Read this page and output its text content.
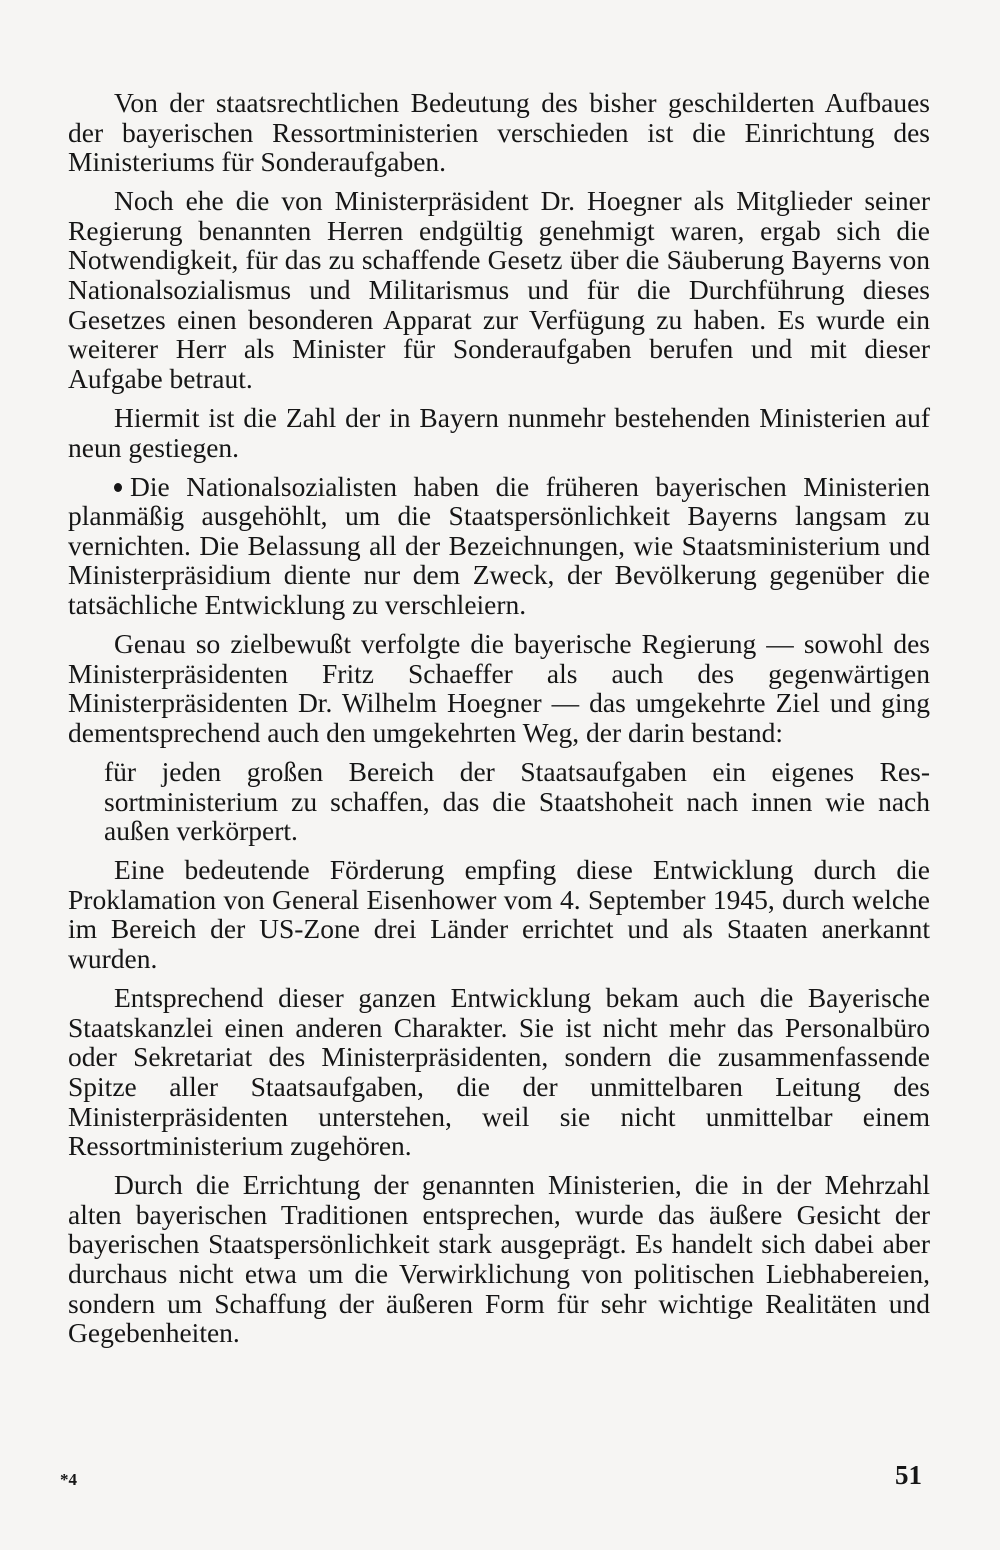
Von der staatsrechtlichen Bedeutung des bisher geschilderten Aufbaues der bayerischen Ressortministerien verschieden ist die Einrichtung des Ministeriums für Sonderaufgaben.

Noch ehe die von Ministerpräsident Dr. Hoegner als Mitglieder seiner Regierung benannten Herren endgültig genehmigt waren, ergab sich die Notwendigkeit, für das zu schaffende Gesetz über die Säuberung Bayerns von Nationalsozialismus und Militarismus und für die Durchführung dieses Gesetzes einen besonderen Apparat zur Verfügung zu haben. Es wurde ein weiterer Herr als Minister für Sonderaufgaben berufen und mit dieser Aufgabe betraut.

Hiermit ist die Zahl der in Bayern nunmehr bestehenden Ministerien auf neun gestiegen.

Die Nationalsozialisten haben die früheren bayerischen Ministerien planmäßig ausgehöhlt, um die Staatspersönlichkeit Bayerns langsam zu vernichten. Die Belassung all der Bezeichnungen, wie Staatsministerium und Ministerpräsidium diente nur dem Zweck, der Bevölkerung gegenüber die tatsächliche Entwicklung zu verschleiern.

Genau so zielbewußt verfolgte die bayerische Regierung — sowohl des Ministerpräsidenten Fritz Schaeffer als auch des gegenwärtigen Ministerpräsidenten Dr. Wilhelm Hoegner — das umgekehrte Ziel und ging dementsprechend auch den umgekehrten Weg, der darin bestand:

für jeden großen Bereich der Staatsaufgaben ein eigenes Ressortministerium zu schaffen, das die Staatshoheit nach innen wie nach außen verkörpert.

Eine bedeutende Förderung empfing diese Entwicklung durch die Proklamation von General Eisenhower vom 4. September 1945, durch welche im Bereich der US-Zone drei Länder errichtet und als Staaten anerkannt wurden.

Entsprechend dieser ganzen Entwicklung bekam auch die Bayerische Staatskanzlei einen anderen Charakter. Sie ist nicht mehr das Personalbüro oder Sekretariat des Ministerpräsidenten, sondern die zusammenfassende Spitze aller Staatsaufgaben, die der unmittelbaren Leitung des Ministerpräsidenten unterstehen, weil sie nicht unmittelbar einem Ressortministerium zugehören.

Durch die Errichtung der genannten Ministerien, die in der Mehrzahl alten bayerischen Traditionen entsprechen, wurde das äußere Gesicht der bayerischen Staatspersönlichkeit stark ausgeprägt. Es handelt sich dabei aber durchaus nicht etwa um die Verwirklichung von politischen Liebhabereien, sondern um Schaffung der äußeren Form für sehr wichtige Realitäten und Gegebenheiten.

*4	51
